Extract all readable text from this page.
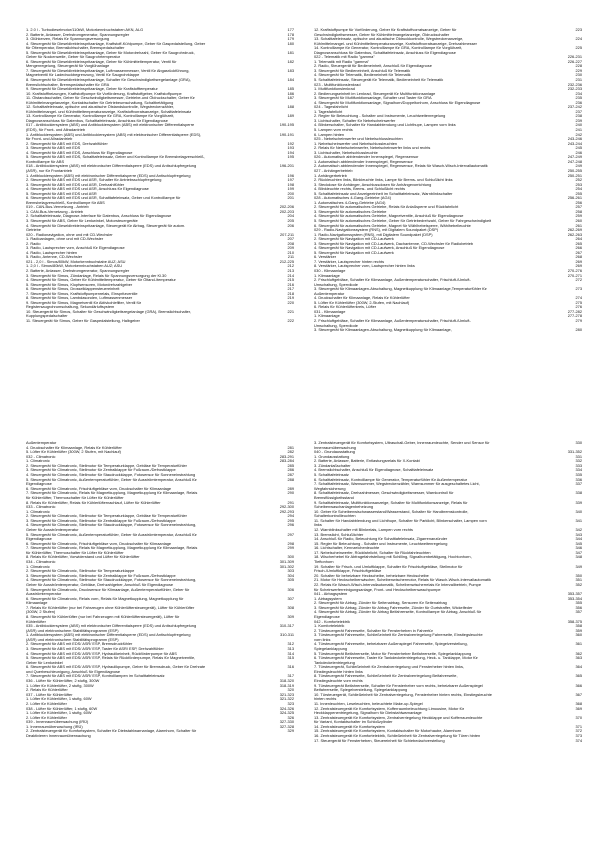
1. 2.0 l - Turbodieselmotor/110kW, Motorkennbuchstaben AKN, ALG	177
2. Batterie, Anlasser, Drehstromgenerator, Spannungsregler	178
3. Glühkerzen, Relais für Spannungsversorgung	179
4. Steuergerät für Dieseldirekteinspritzanlage, Kraftstoff-Kühlpumpe, Geber für Gaspedalstellung, Geber	180
für Öltemperatur, Bremslichtschalter, Bremspedalschalter
5. Steuergerät für Dieseldirekteinspritzanlage, Geber für Motordrehzahl, Geber für Saugrohrdruck,	181
Geber für Nockenwelle, Geber für Saugrohrtemperatur
6. Steuergerät für Dieseldirekteinspritzanlage, Geber für Kühlmitteltemperatur, Ventil für	182
Mengenregelung, Steuergerät für Vorglühanlage
7. Steuergerät für Dieseldirekteinspritzanlage, Luftmassenmesser, Ventil für Abgasrückführung,	183
Magnetventil für Ladedruckbegrenzung, Ventil für Saugrohrklappe
8. Steuergerät für Dieseldirekteinspritzanlage, Schalter für Geschwindigkeitsregelanlage (GRA),	184
Bremslichtschalter, Bremspedalschalter für GRA
9. Steuergerät für Dieseldirekteinspritzanlage, Geber für Kraftstofftemperatur	185
10. Kraftstoffheizungen, Kraftstoffpumpe für Vorförderung, Kraftstoffgeber, Kraftstoffpumpe	186
11. Ölstandsschalter, Geber für Geschwindigkeitsmesser, Getriebe-und Öldruckschalter, Geber für	187
Kühlmittelmangelanzeige, Kontaktschalter für Getriebeumschaltung, Schaltbetätigung
12. Schalttafeleinsatz, optische und akustische Ölstandskontrolle, Wegstreckenzähler,	188
Kühlmittelmangel- und Kühlmitteltemperaturanzeige, Kraftstoffvorratsanzeige, Schalttafeleinsatz
13. Kontrolllampe für Generator, Kontrolllampe für GRA, Kontrolllampe für Vorglühzeit,	189
Diagnoseanschluss für Datenbus, Schalttafeleinsatz, Anschluss für Eigendiagnose
017 - Antiblockiersystem (ABS) und Antiblockiersystem (ABS) mit elektronischer Differentialsperre	190-195
(EDS), für Front- und Allradantrieb
1. Antiblockiersystem (ABS) und Antiblockiersystem (ABS) mit elektronischer Differentialsperre (EDS),	190-191
für Front- und Allradantrieb
2. Steuergerät für ABS mit EDS, Drehzahlfühler	192
3. Steuergerät für ABS mit EDS	193
4. Steuergerät für ABS mit EDS, Anschluss für Eigendiagnose	194
5. Steuergerät für ABS mit EDS, Schalttafeleinsatz, Geber und Kontrolllampe für Bremsbelagverschleiß,	195
Kontrolllampe für ABS
018 - Antiblockiersystem (ABS) mit elektronischer Differentialsperre (EDS) und Antischlupfregelung	196-201
(ASR), nur für Frontantrieb
1. Antiblockiersystem (ABS) mit elektronischer Differentialsperre (EDS) und Antischlupfregelung	196
2. Steuergerät für ABS mit EDS und ASR, Schalter für Antriebsschlupfregelung	197
3. Steuergerät für ABS mit EDS und ASR, Drehzahlfühler	198
4. Steuergerät für ABS mit EDS und ASR, Anschluss für Eigendiagnose	199
5. Steuergerät für ABS mit EDS und ASR	200
6. Steuergerät für ABS mit EDS und ASR, Schalttafeleinsatz, Geber und Kontrolllampe für	201
Bremsbelagverschleiß, Kontrolllampe für ABS
019 - CAN-Bus-Vernetzung - Antrieb	202-206
1. CAN-Bus-Vernetzung - Antrieb	202-203
2. Schalttafeleinsatz, Diagnose-Interface für Datenbus, Anschluss für Eigendiagnose	204
3. Steuergerät für ABS, Geber für Lenkwinkel, Motorsteuergeräte	205
4. Steuergerät für Dieseldirekteinspritzanlage, Steuergerät für Airbag, Steuergerät für autom.	206
Getriebe
020 - Radionavigation, ohne und mit CD-Wechsler	207-211
1. Radioanlagen, ohne und mit CD-Wechsler	207
2. Radio	208
3. Radio, Lautsprecher vorn, Anschluß für Eigendiagnose	209
4. Radio, Lautsprecher hinten	210
5. Radio, Antenne, CD-Wechsler	211
021 - 2,0 l - Simos/80kW, Motorkennbuchstabe AUZ; ASU	212-225
1. 2,0 l - Simos/80kW, Motorkennbuchstaben AUZ; ASU	212
2. Batterie, Anlasser, Drehstromgenerator, Spannungsregler	213
3. Steuergerät für Simos, Zündanlage, Relais für Spannungsversorgung der Kl.30	214
4. Steuergerät für Simos, Geber für Kühlmitteltemperatur, Geber für Öltand-/temperatur	215
5. Steuergerät für Simos, Klopfsensoren, Motordrehzahlgeber	216
6. Steuergerät für Simos, Drosselklappensteuereinheit	217
7. Steuergerät für Simos, Kraftstoffpumpenrelais, Einspritzventile	218
8. Steuergerät für Simos, Lambdasonden, Luftmassenmesser	219
9. Steuergerät für Simos, Magnetventil für Aktivkohlefilter, Ventil für	220
Registersaugrohrumschaltung, Sekundärluftsystem
10. Steuergerät für Simos, Schalter für Geschwindigkeitsregelanlage (GRA), Bremslichtschalter,	221
Kupplungspedalschalter
11. Steuergerät für Simos, Geber für Gaspedalstellung, Halbgeber	222
12. Kraftstoffpumpe für Vorförderung, Geber für Kraftstoffvorratsanzeige, Geber für	223
Geschwindigkeitsmesser, Geber für Kühlmittelmangelanzeige, Öldruckschalter
13. Schalttafeleinsatz, optische und akustische Öldruckkontrolle, Wegstreckenanzeige,	224
Kühlmittelmangel- und Kühlmitteltemperaturanzeige, Kraftstoffvorratsanzeige, Drehzahlmesser
14. Kontrolllampe für Generator, Kontrolllampe für GRA, Kontrolllampe für Vorglühzeit,	225
Diagnoseanschluss für Datenbus, Schalttafeleinsatz, Anschluss für Eigendiagnose
022 - Telematik mit Radio "gamma"	226-231
1. Telematik mit Radio "gamma"	226-227
2. Radio, Steuergerät für Bedieneinheit, Anschluß für Eigendiagnose	228
3. Steuergerät für Bedieneinheit, Anschluß für Telematik	229
4. Steuergerät für Telematik, Bedieneinheit für Telematik	230
5. Schalttafeleinsatz, Steuergerät für Telematik, Bedieneinheit für Telematik	231
023 - Multifunktionslenkrad	232-236
1. Multifunktionslenkrad	232-233
2. Bedienungseinheit im Lenkrad, Steuergerät für Multifunktionsanlage	234
3. Steuergerät für Multifunktionsanlage, Schalter und Taster für GRA	235
4. Steuergerät für Multifunktionsanlage, Signalhorn/Doppeltonhorn, Anschluss für Eigendiagnose	236
024 - Tagesfahrlicht	237-242
1. Tagesfahrlicht	237
2. Regler für Beleuchtung - Schalter und Instrumente, Leuchtweitenregelung	238
3. Lichtschalter, Schalter für Nebelscheinwerfer	239
4. Blinkerschalter, Schalter für Handabblendung und Lichthupe, Lampen vorn links	240
5. Lampen vorn rechts	241
6. Lampen hinten	242
025 - Nebelscheinwerfer und Nebelschlussleuchten	243-246
1. Nebelscheinwerfer und Nebelschlussleuchten	243-244
2. Relais für Nebelscheinwerfer, Nebelscheinwerfer links und rechts	245
3. Lichtschalter, Nebelschlussleuchte	246
026 - Automatisch abblendender Innenspiegel, Regensensor	247-249
1. Automatisch abblendender Innenspiegel, Regensensor	247-248
2. Automatisch abblendender Innenspiegel, Regensensor, Relais für Wasch-Wisch-Intervallautomatik	249
027 - Anhängerbetrieb	250-255
1. Anhängerbetrieb	250-251
2. Rückleuchten links, Blinkleuchte links, Lampe für Brems- und Schlußlicht links	252
3. Steckdose für Anhänger, Anschlussdosen für Anhängevorrichtung	253
4. Blinkleuchte rechts, Brems- und Schlußlicht rechts	254
5. Schalttafeleinsatz und Anzeigeeinheit im Schalttafeleinsatz, Warnblinkschalter	255
028 - Automatisches 4-Gang-Getriebe (AG4)	256-261
1. Automatisches 4-Gang-Getriebe (AG4)	256
2. Steuergerät für automatisches Getriebe, Relais für Anlaßsperre und Rückfahrlicht	257
3. Steuergerät für automatisches Getriebe	258
4. Steuergerät für automatisches Getriebe, Magnetventile, Anschluß für Eigendiagnose	259
5. Steuergerät für automatisches Getriebe, Geber für Getriebedrehzahl, Geber für Fahrgeschwindigkeit	260
6. Steuergerät für automatisches Getriebe, Magnet für Wählhebelsperre, Wählhebelleuchte	261
029 - Radio-Navigationssystem (RNS), mit Digitalem Soundpaket (DSP)	262-269
1. Radio-Navigationssystem (RNS), mit Digitalem Soundpaket (DSP)	262-263
2. Steuergerät für Navigation mit CD-Laufwerk	264
3. Steuergerät für Navigation mit CD-Laufwerk, Dachantenne, CD-Wechsler für Radiobetrieb	265
4. Steuergerät für Navigation mit CD-Laufwerk, Anschluß für Eigendiagnose	266
5. Steuergerät für Navigation mit CD-Laufwerk	267
6. Verstärker	268
7. Verstärker, Lautsprecher hinten rechts	269
8. Verstärker, Lautsprecher vorn, Lautsprecher hinten links	269
030 - Klimaanlage	270-276
1. Klimaanlage	270-271
2. Frischluftgebläse, Schalter für Klimaanlage, Außentemperaturschalter, Frischluft-/Umluft-	272
Umschaltung, Sperrdiode
3. Steuergerät für Klimaanlagen-Abschaltung, Magnetkupplung für Klimaanlage,Temperaturfühler für	273
Außentemperatur
4. Druckschalter für Klimaanlage, Relais für Kühlerlüfter	274
5. Lüfter für Kühlerlüfter (300W, 2-Stufen, mit Nachlauf)	275
6. Relais für Kühlerlüfterkreis, Lüfter	276
031 - Klimaanlage	277-282
1. Klimaanlage	277-278
2. Frischluftgebläse, Schalter für Klimaanlage, Außentemperaturschalter, Frischluft-/Umluft-	279
Umschaltung, Sperrdiode
3. Steuergerät für Klimaanlagen-Abschaltung, Magnetkupplung für Klimaanlage,	280
Außentemperatur
4. Druckschalter für Klimaanlage, Relais für Kühlerlüfter	281
5. Lüfter für Kühlerlüfter (300W, 2 Stufen, mit Nachlauf)	282
032 - Climatronic	283-291
1. Climatronic	283-284
2. Steuergerät für Climatronic, Stellmotor für Temperaturklappe, Gebläse für Temperaturfühler	285
3. Steuergerät für Climatronic, Stellmotor für Zentralklappe für Fußraum-/Defrostklappe	286
4. Steuergerät für Climatronic, Stellmotor für Staudruckklappe, Fotosensor für Sonneneinstrahlung	287
5. Steuergerät für Climatronic, Außentemperaturfühler, Geber für Ausströmtemperatur, Anschluß für	288
Eigendiagnose
6. Steuergerät für Climatronic, Frischluftgebläse vorn, Druckschalter für Klimaanlage	289
7. Steuergerät für Climatronic, Relais für Magnetkupplung, Magnetkupplung für Klimaanlage, Relais	290
für Kühlerlüfter, Thermoschalter für Lüfter für Kühlerlüfter
8. Relais für Kühlerlüfter, Relais für Kühlerlüfternachlauf, Lüfter für Kühlerlüfter	291
033 - Climatronic	292-300
1. Climatronic	292-293
2. Steuergerät für Climatronic, Stellmotor für Temperaturklappe, Gebläse für Temperaturfühler	294
3. Steuergerät für Climatronic, Stellmotor für Zentralklappe für Fußraum-/Defrostklappe	295
4. Steuergerät für Climatronic, Stellmotor für Staudruckklappe, Fotosensor für Sonneneinstrahlung,	296
Geber für Ausströmtemperatur
5. Steuergerät für Climatronic, Außentemperaturfühler, Geber für Ausströmtemperatur, Anschluß für	297
Eigendiagnose
6. Steuergerät für Climatronic, Frischluftgebläse vorn, Druckschalter für Klimaanlage	298
7. Steuergerät für Climatronic, Relais für Magnetkupplung, Magnetkupplung für Klimaanlage, Relais	299
für Kühlerlüfter, Thermoschalter für Lüfter für Kühlerlüfter
8. Relais für Kühlerlüfter, Vorwiderstand und Lüfter für Kühlerlüfter	300
034 - Climatronic	301-309
1. Climatronic	301-302
2. Steuergerät für Climatronic, Stellmotor für Temperaturklappe	303
3. Steuergerät für Climatronic, Stellmotor für Zentralklappe für Fußraum-/Defrostklappe	304
4. Steuergerät für Climatronic, Stellmotor für Staudruckklappe, Fotosensor für Sonneneinstrahlung,	305
Geber für Ausströmtemperatur, Gebläse, Drehzahlgeber, Anschluß für Eigendiagnose
5. Steuergerät für Climatronic, Drucksensor für Klimaanlage, Außentemperaturfühler, Geber für	306
Ausströmtemperatur
6. Steuergerät für Climatronic, Relais vorn, Relais für Magnetkupplung, Magnetkupplung für	307
Klimaanlage
7. Relais für Kühlerlüfter (nur bei Fahrzeugen ohne Kühlerlüftersteuergerät), Lüfter für Kühlerlüfter	308
(300W, 2 Stufen)
8. Steuergerät für Kühlerlüfter (nur bei Fahrzeugen mit Kühlerlüftersteuergerät), Lüfter für	309
Kühlerlüfter
035 - Antiblockiersystem (ABS) mit elektronischer Differentialsperre (EDS) und Antischlupfregelung	310-317
(ASR) und elektronischem Stabilitätsprogramm (ESP)
1. Antiblockiersystem (ABS) mit elektronischer Differentialsperre (EDS) und Antischlupfregelung	310-311
(ASR) und elektronischem Stabilitätsprogramm (ESP)
2. Steuergerät für ABS mit EDS/ ASR/ ESP, Bremsdruckfühler	312
3. Steuergerät für ABS mit EDS/ ASR/ ESP, Taster für ASR/ ESP, Drehzahlfühler	313
4. Steuergerät für ABS mit EDS/ ASR/ ESP, Hydraulikeinheit, Rückförderpumpe für ABS	314
5. Steuergerät für ABS mit EDS/ ASR/ ESP, Relais für Rückförderpumpe, Relais für Magnetventile,	315
Geber für Lenkwinkel
6. Steuergerät für ABS mit EDS/ ASR/ ESP, Hydraulikpumpe, Geber für Bremsdruck, Geber für Drehrate	316
und Querbeschleunigung, Anschluß für Eigendiagnose
7. Steuergerät für ABS mit EDS/ ASR/ ESP, Kontrolllampen im Schalttafeleinsatz	317
036 - Lüfter für Kühlerlüfter, 2 stufig, 300W	318-320
1. Lüfter für Kühlerlüfter, 2 stufig, 300W	318-319
2. Relais für Kühlerlüfter	320
037 - Lüfter für Kühlerlüfter	321-323
1. Lüfter für Kühlerlüfter, 1 stufig, 60W	321-322
2. Lüfter für Kühlerlüfter	323
038 - Lüfter für Kühlerlüfter, 1 stufig, 60W	324-326
1. Lüfter für Kühlerlüfter, 1 stufig, 60W	324-325
2. Lüfter für Kühlerlüfter	326
039 - Innenraumüberwachung (IRÜ)	327-330
1. Innenraumüberwachung (IRÜ)	327-328
2. Zentralsteuergerät für Komfortsystem, Schalter für Diebstahlwarnanlage, Alarmhorn, Schalter für	329
Deaktivieren Innenraumüberwachung
3. Zentralsteuergerät für Komfortsystem, Ultraschall-Geber, Innenraumleuchte, Sender und Sensor für	330
Innenraumüberwachung
040 - Grundausstattung	331-352
1. Grundausstattung	331
2. Batterie, Anlasser, Batterie, Entlastungsrelais für X-Kontakt	332
3. Zündanlaßschalter	333
4. Bremslichtschalter, Anschluß für Eigendiagnose, Schalttafeleinsatz	334
5. Schalttafeleinsatz	335
6. Schalttafeleinsatz, Kontrolllampe für Generator, Temperaturfühler für Außentemperatur	336
7. Schalttafeleinsatz, Warnsummer, Wegstreckenzähler, Warnsummer für ausgeschaltetes Licht,	337
Wegfahrsicherung
8. Schalttafeleinsatz, Drehzahlmesser, Geschwindigkeitsmesser, Warnkontroll für	338
Bremsflüssigkeitsstand
9. Schalttafeleinsatz, Multifunktionsanzeige, Schalter für Multifunktionsanzeige, Relais für	339
Scheibenwaschanlagenbeheizung
10. Geber für Scheibenwischwasserstand/Wasserstand, Schalter für Handbremskontrolle,	340
Schalterkontrollleuchten
11. Schalter für Handabblendung und Lichthupe, Schalter für Parklicht, Blinkerschalter, Lampen vorn	341
links
12. Warnblinkschalter mit Blinkrelais, Lampen vorn rechts	342
13. Bremslicht, Schlußlichter	343
14. Anschluß für Radio, Beleuchtung für Schalttafeleinsatz, Zigarrenanzünder	344
15. Regler für Beleuchtung - Schalter und Instrumente, Leuchtweitenregelung	345
16. Lichtschalter, Kennzeichenleuchte	346
17. Nebelscheinwerfer, Rückfahrlicht, Schalter für Rückfahrleuchten	347
18. Wischerhebel für Abfragefahrtstellung mit Schilling, Signalhornbetätigung, Hochtonhorn,	348
Tieftonhorn
19. Schalter für Frisch- und Umluftklappe, Schalter für Frischluftgebläse, Stellmotor für	349
Frisch-/Umluftklappe, Frischluftgebläse
20. Schalter für beheizbare Heckscheibe, beheizbare Heckscheibe	350
21. Motor für Heckscheibenwischer, Scheibenwischermotor, Relais für Wasch-Wisch-Intervallautomatik	351
22. Relais für Wasch-Wisch-Intervallautomatik, Scheibenwischerrelais für Intervallbetrieb, Pumpe	352
für Scheinwerferreinigungsanlage, Front- und Heckscheibenwaschpumpe
041 - Airbagsystem	353-357
1. Airbagsystem	353-354
2. Steuergerät für Airbag, Zünder für Seitenairbag, Sensoren für Seitenairbag	355
3. Steuergerät für Airbag, Zünder für Airbag Fahrerseite, Zünder für Gurtstraffer, Wickelfeder	356
4. Steuergerät für Airbag, Zünder für Airbag Beifahrerseite, Kontrolllampe für Airbag, Anschluß für	357
Eigendiagnose
042 - Komfortelektrik	358-375
1. Komfortelektrik	358
2. Türsteuergerät Fahrerseite, Schalter für Fensterheben in Fahrertür	359
3. Türsteuergerät Fahrerseite, Schließeinheit für Zentralverriegelung Fahrerseite, Einstiegsleuchte	360
vorn links
4. Türsteuergerät Fahrerseite, beheizbarer Außenspiegel Fahrerseite, Spiegelverstellung,	361
Spiegelanklappung
5. Türsteuergerät Beifahrerseite, Motor für Fensterheber Beifahrerseite, Spiegelanklappung	362
6. Türsteuergerät Fahrerseite, Taster für Tankdeckelentriegelung, Heck- u. Tanklappe, Motor für	363
Tankdeckelentriegelung
7. Türsteuergerät, Schließeinheit für Zentralverriegelung und Fensterheber hinten links,	364
Einstiegsleuchte hinten links
8. Türsteuergerät Fahrerseite, Schließeinheit für Zentralverriegelung Beifahrerseite,	365
Einstiegsleuchte vorn rechts
9. Türsteuergerät Beifahrerseite, Schalter für Fensterheber vorn rechts, beheizbarer Außenspiegel	366
Beifahrerseite, Spiegelverstellung, Spiegelanklappung
10. Türsteuergerät, Schließeinheit für Zentralverriegelung, Fensterheber hinten rechts, Einstiegsleuchte	367
hinten rechts
11. Innenleuchten, Leseleuchten, beleuchtete Make-up-Spiegel	368
12. Zentralsteuergerät für Komfortsystem, Kofferraumbeleuchtung Limousine, Motor für	369
Heckklappenentriegelung, Signalhorn für Diebstahlwarnanlage
13. Zentralsteuergerät für Komfortsystem, Zentralverriegelung Heckklappe und Kofferraumleuchte	370
für Variant, Kontaktschalter im Schloßzylinder
14. Zentralsteuergerät für Komfortsystem	371
15. Zentralsteuergerät für Komfortsystem, Kontaktschalter für Motorhaube, Alarmhorn	372
16. Zentralsteuergerät für Komfortelektrik, Schließeinheit für Zentralverriegelung für Türen hinten	373
17. Steuergerät für Fensterheben, Steuereinheit für Schiebedachverstellung	374
